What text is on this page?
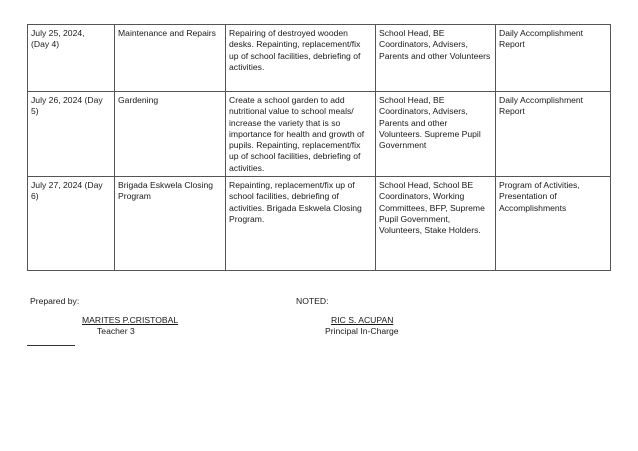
July 25, 2024,
(Day 4)	Maintenance and Repairs	Repairing of destroyed wooden desks. Repainting, replacement/fix up of school facilities, debriefing of activities.	School Head, BE Coordinators, Advisers, Parents and other Volunteers	Daily Accomplishment Report

July 26, 2024 (Day 5)	Gardening	Create a school garden to add nutritional value to school meals/ increase the variety that is so importance for health and growth of pupils. Repainting, replacement/fix up of school facilities, debriefing of activities.	School Head, BE Coordinators, Advisers, Parents and other Volunteers. Supreme Pupil Government	Daily Accomplishment Report

July 27, 2024 (Day 6)	Brigada Eskwela Closing Program	Repainting, replacement/fix up of school facilities, debriefing of activities. Brigada Eskwela Closing Program.	School Head, School BE Coordinators, Working Committees, BFP, Supreme Pupil Government, Volunteers, Stake Holders.	Program of Activities, Presentation of Accomplishments
Prepared by:	NOTED:
MARITES P.CRISTOBAL
Teacher 3
RIC S. ACUPAN
Principal In-Charge
